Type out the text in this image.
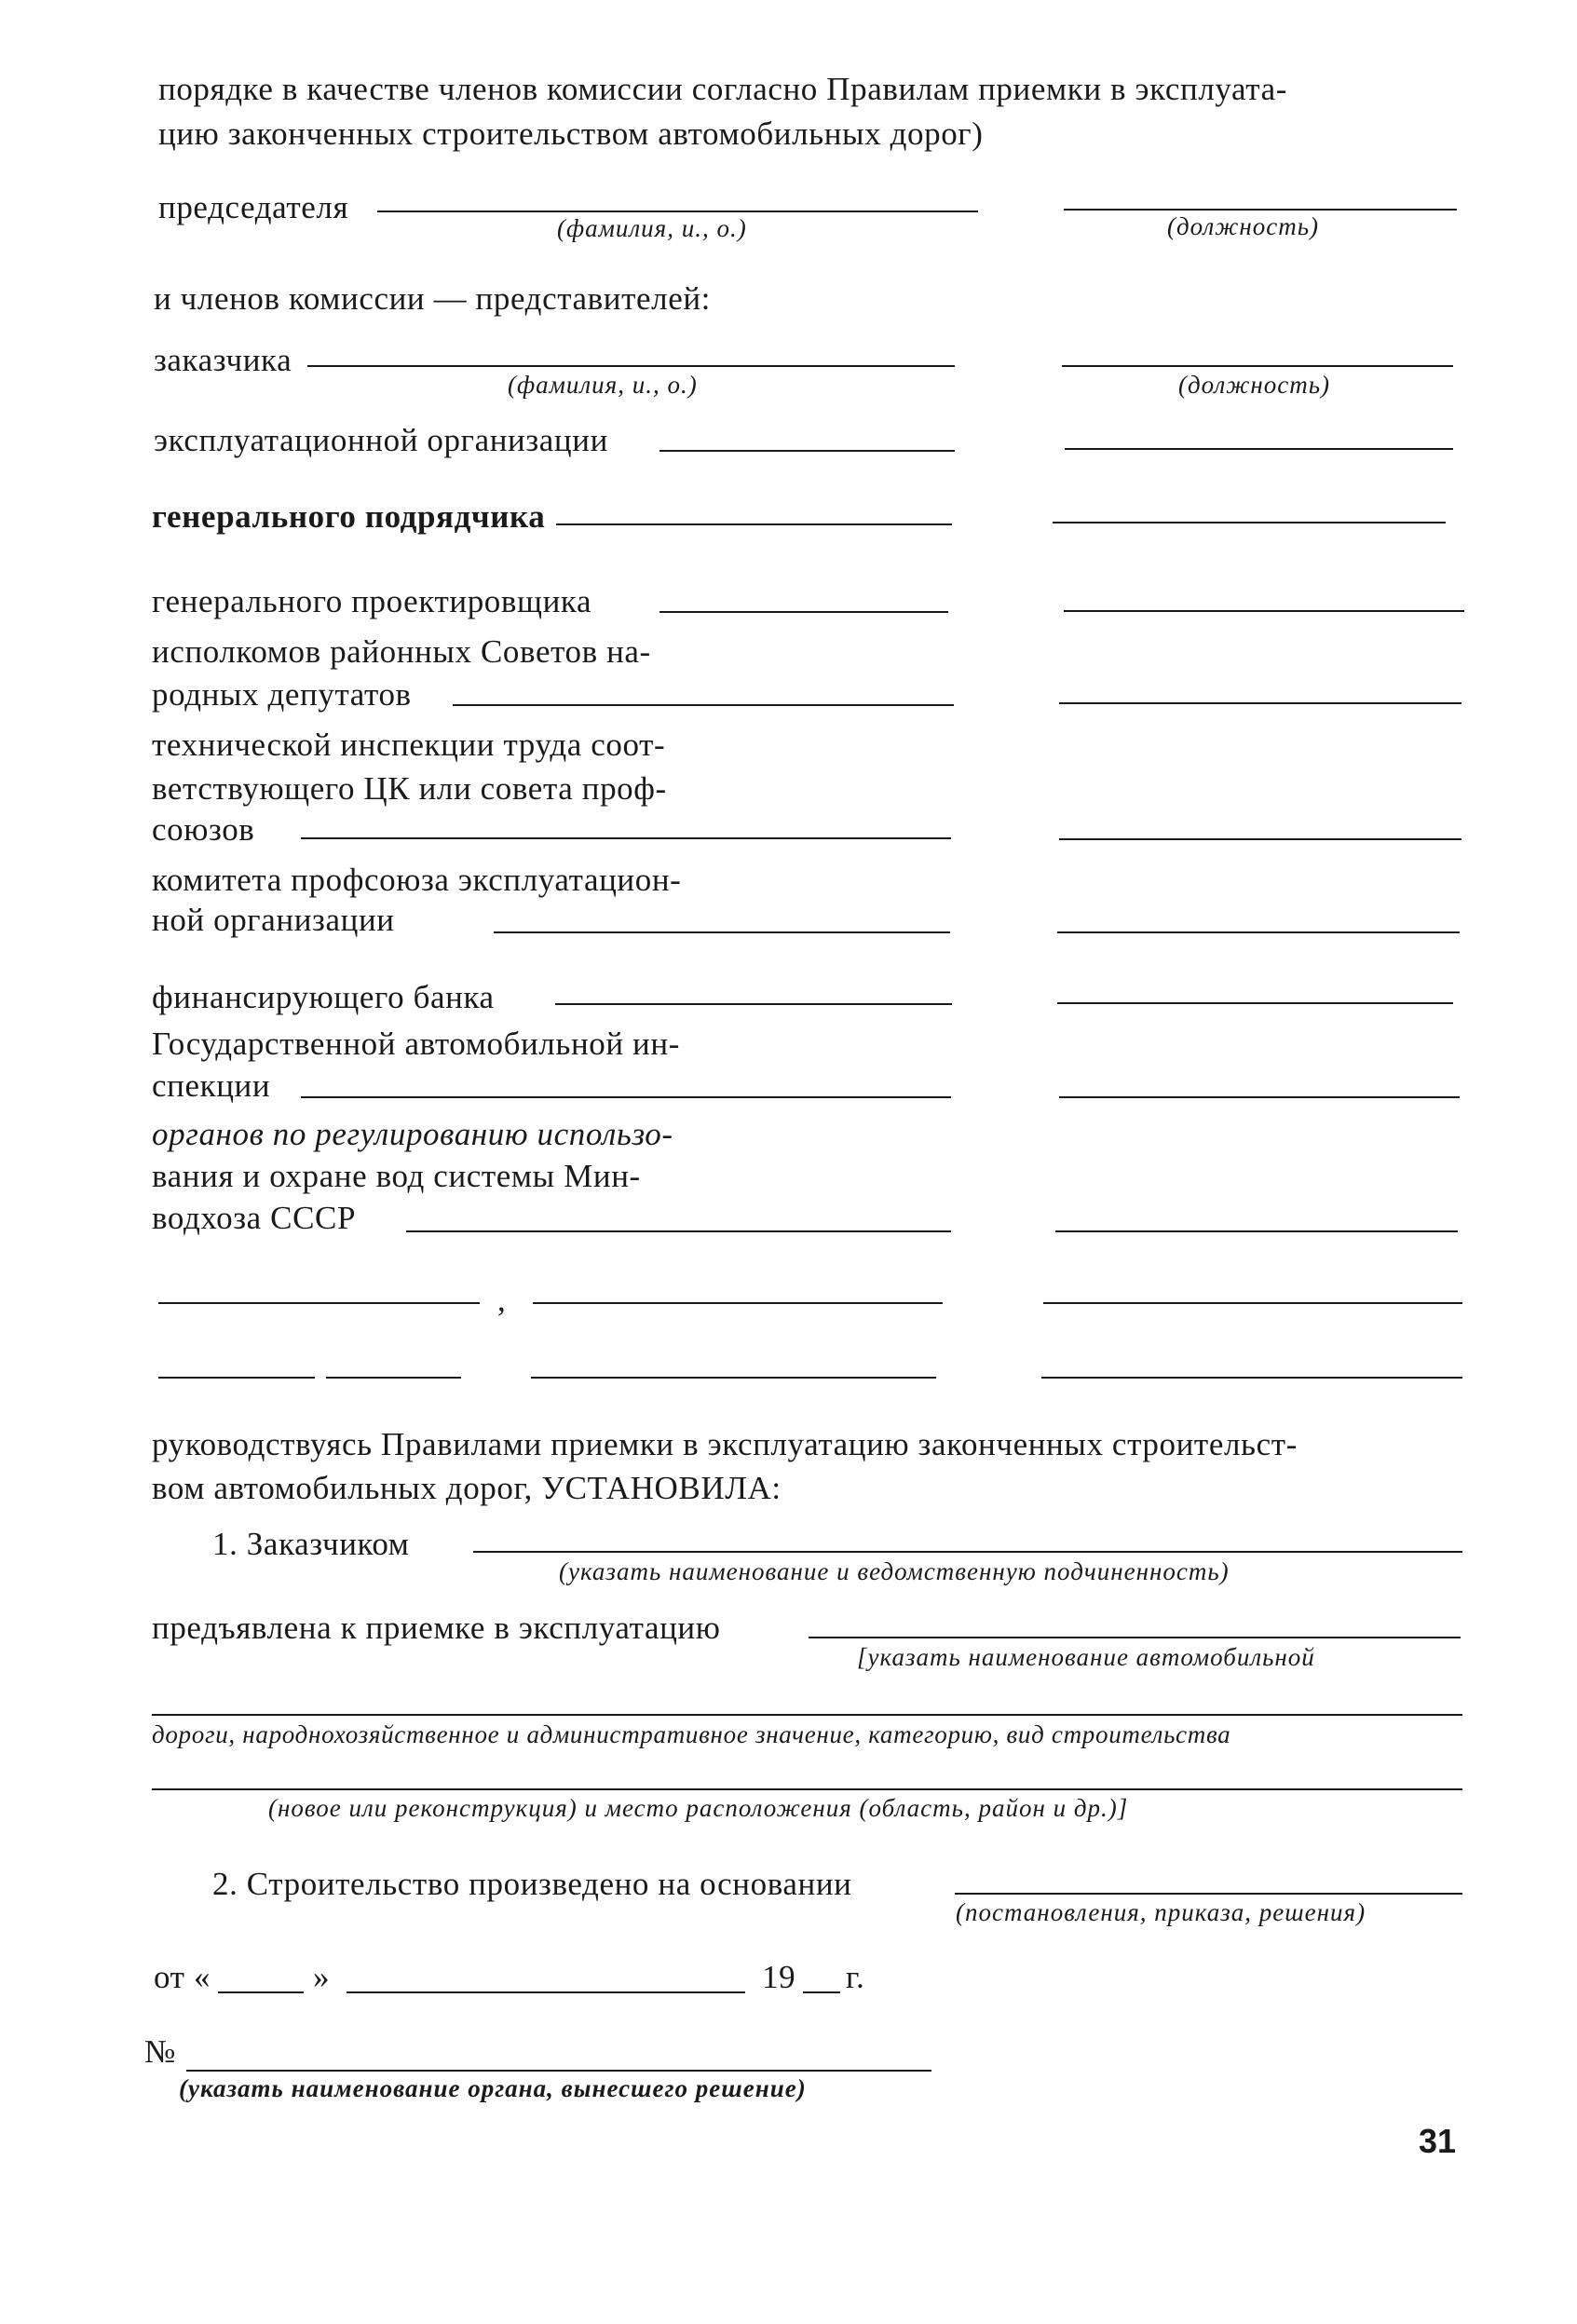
порядке в качестве членов комиссии согласно Правилам приемки в эксплуата-
цию законченных строительством автомобильных дорог)
председателя
(фамилия, и., о.)	(должность)
и членов комиссии — представителей:
заказчика
(фамилия, и., о.)	(должность)
эксплуатационной организации
генерального подрядчика
генерального проектировщика
исполкомов районных Советов на-
родных депутатов
технической инспекции труда соот-
ветствующего ЦК или совета проф-
союзов
комитета профсоюза эксплуатацион-
ной организации
финансирующего банка
Государственной автомобильной ин-
спекции
органов по регулированию использо-
вания и охране вод системы Мин-
водхоза СССР
,
руководствуясь Правилами приемки в эксплуатацию законченных строительст-
вом автомобильных дорог, УСТАНОВИЛА:
1. Заказчиком
(указать наименование и ведомственную подчиненность)
предъявлена к приемке в эксплуатацию
[указать наименование автомобильной
дороги, народнохозяйственное и административное значение, категорию, вид строительства
(новое или реконструкция) и место расположения (область, район и др.)]
2. Строительство произведено на основании
(постановления, приказа, решения)
от «	»	19 г.
№
(указать наименование органа, вынесшего решение)
31
